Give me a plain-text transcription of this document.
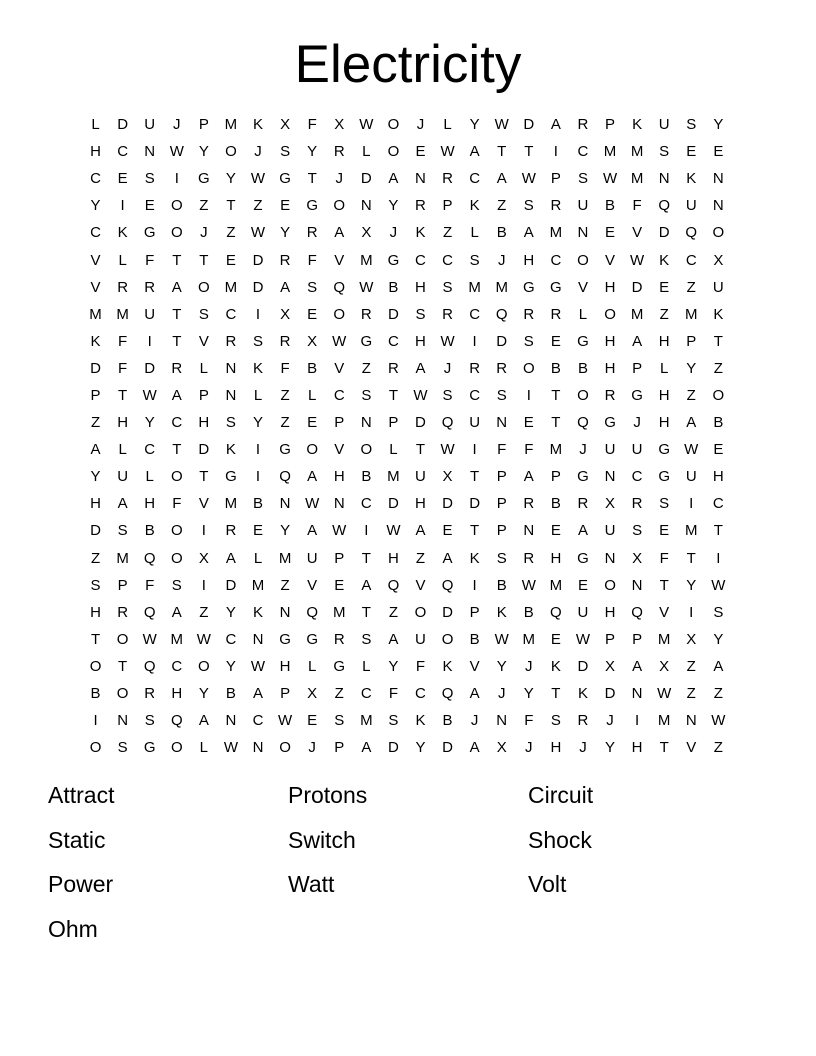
Electricity
L	D	U	J	P	M	K	X	F	X W O	J	L	Y W D	A	R	P	K	U	S	Y
H	C	N W Y	O	J	S	Y	R	L	O	E W A	T	T	I	C	M M	S	E	E
C	E	S	I	G	Y W G	T	J	D	A	N	R	C	A W P	S W M	N	K	N
Y	I	E	O	Z	T	Z	E	G	O	N	Y	R	P	K	Z	S	R	U	B	F	Q	U	N
C	K	G	O	J	Z	W Y	R	A	X	J	K	Z	L	B	A	M	N	E	V	D	Q	O
V	L	F	T	T	E	D	R	F	V	M	G	C	C	S	J	H	C	O	V W K	C	X
V	R	R	A	O M	D	A	S	Q W B	H	S	M M	G	G	V	H	D	E	Z	U
M M	U	T	S	C	I	X	E	O	R	D	S	R	C	Q	R	R	L	O M	Z	M	K
K	F	I	T	V	R	S	R	X W G	C	H W	I	D	S	E	G	H	A	H	P	T
D	F	D	R	L	N	K	F	B	V	Z	R	A	J	R	R	O	B	B	H	P	L	Y	Z
P	T	W A	P	N	L	Z	L	C	S	T	W S	C	S	I	T	O	R	G	H	Z	O
Z	H	Y	C	H	S	Y	Z	E	P	N	P	D	Q	U	N	E	T	Q	G	J	H	A	B
A	L	C	T	D	K	I	G	O	V	O	L	T	W	I	F	F	M	J	U	U	G W E
Y	U	L	O	T	G	I	Q	A	H	B	M	U	X	T	P	A	P	G	N	C	G	U	H
H	A	H	F	V	M	B	N W N	C	D	H	D	D	P	R	B	R	X	R	S	I	C
D	S	B	O	I	R	E	Y	A W	I	W A	E	T	P	N	E	A	U	S	E	M	T
Z	M	Q	O	X	A	L	M	U	P	T	H	Z	A	K	S	R	H	G	N	X	F	T	I
S	P	F	S	I	D	M	Z	V	E	A	Q	V	Q	I	B W M	E	O	N	T	Y W
H	R	Q	A	Z	Y	K	N	Q M	T	Z	O	D	P	K	B	Q	U	H	Q	V	I	S
T	O W M W C	N	G	G	R	S	A	U	O	B W M	E W P	P	M	X	Y
O	T	Q	C	O	Y W H	L	G	L	Y	F	K	V	Y	J	K	D	X	A	X	Z	A
B	O	R	H	Y	B	A	P	X	Z	C	F	C	Q	A	J	Y	T	K	D	N W	Z	Z
I	N	S	Q	A	N	C W E	S	M	S	K	B	J	N	F	S	R	J	I	M	N W
O	S	G	O	L	W N	O	J	P	A	D	Y	D	A	X	J	H	J	Y	H	T	V	Z
Attract	Protons	Circuit
Static	Switch	Shock
Power	Watt	Volt
Ohm
